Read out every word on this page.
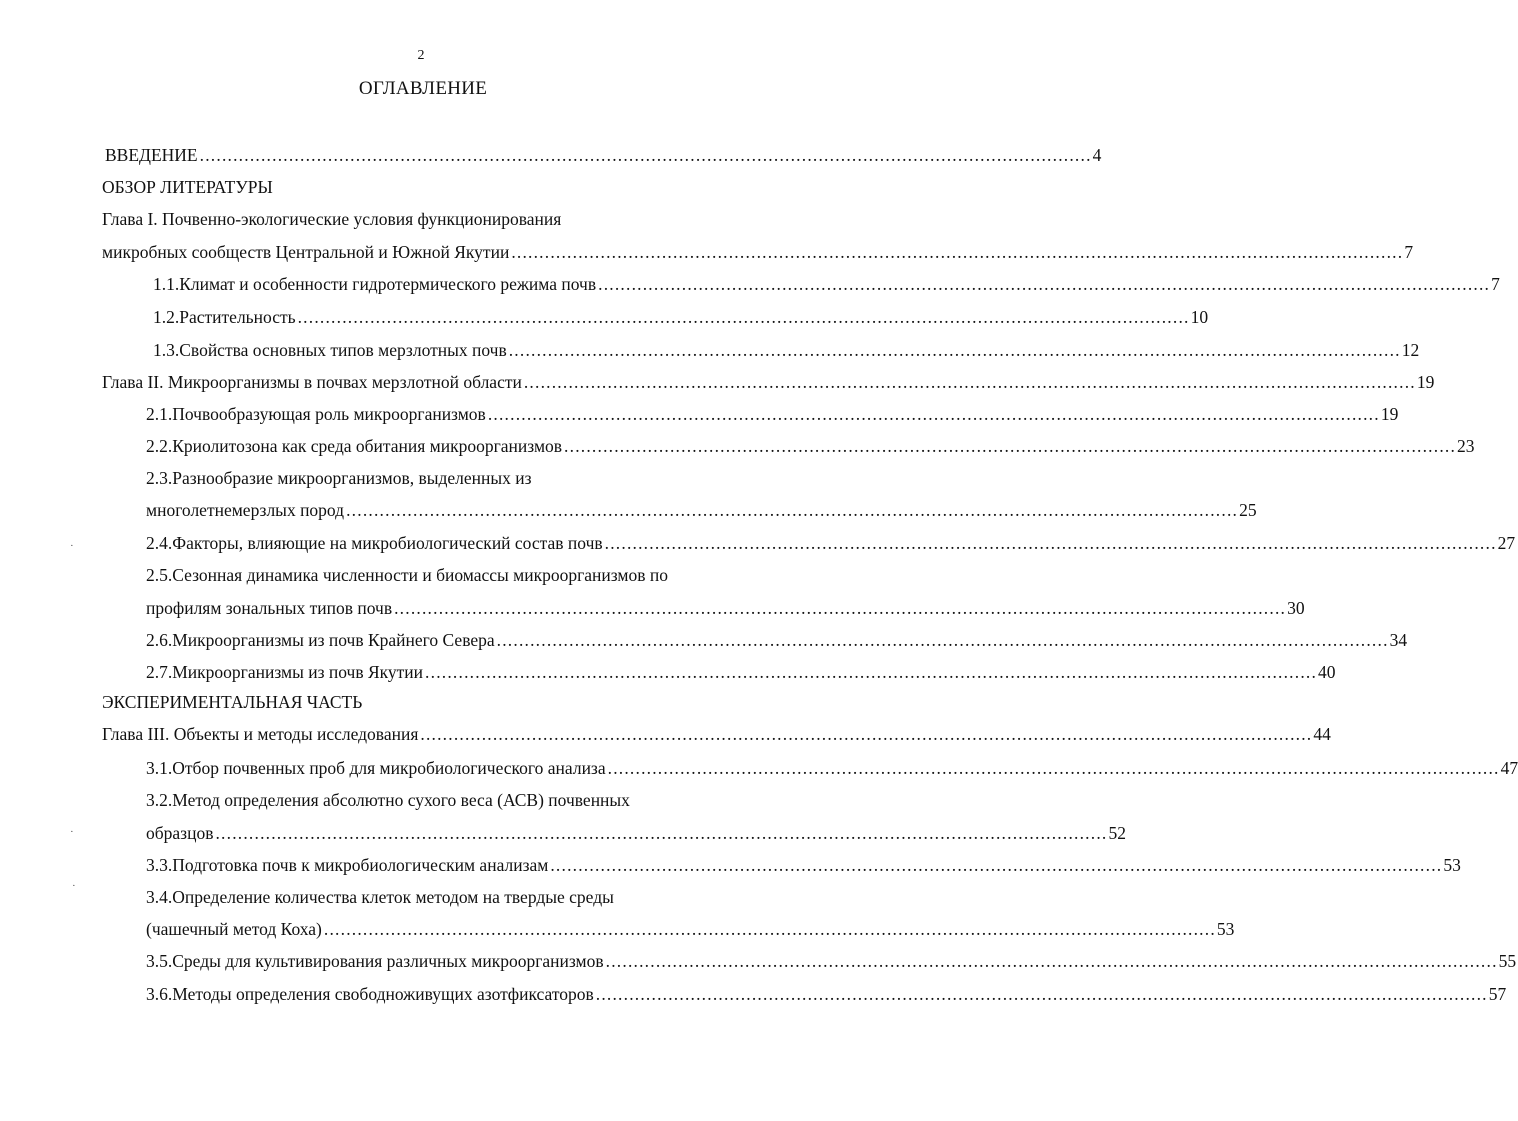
2
ОГЛАВЛЕНИЕ
ВВЕДЕНИЕ ................................................................................................................................................................ 4
ОБЗОР ЛИТЕРАТУРЫ
Глава I. Почвенно-экологические условия функционирования
микробных сообществ Центральной и Южной Якутии ................................................................................................................................................................ 7
1.1.Климат и особенности гидротермического режима почв ................................................................................................................................................................ 7
1.2.Растительность ................................................................................................................................................................ 10
1.3.Свойства основных типов мерзлотных почв ................................................................................................................................................................ 12
Глава II. Микроорганизмы в почвах мерзлотной области ................................................................................................................................................................ 19
2.1.Почвообразующая роль микроорганизмов ................................................................................................................................................................ 19
2.2.Криолитозона как среда обитания микроорганизмов ................................................................................................................................................................ 23
2.3.Разнообразие микроорганизмов, выделенных из
многолетнемерзлых пород ................................................................................................................................................................ 25
2.4.Факторы, влияющие на микробиологический состав почв ................................................................................................................................................................ 27
2.5.Сезонная динамика численности и биомассы микроорганизмов по
профилям зональных типов почв ................................................................................................................................................................ 30
2.6.Микроорганизмы из почв Крайнего Севера ................................................................................................................................................................ 34
2.7.Микроорганизмы из почв Якутии ................................................................................................................................................................ 40
ЭКСПЕРИМЕНТАЛЬНАЯ ЧАСТЬ
Глава III. Объекты и методы исследования ................................................................................................................................................................ 44
3.1.Отбор почвенных проб для микробиологического анализа ................................................................................................................................................................ 47
3.2.Метод определения абсолютно сухого веса (АСВ) почвенных
образцов ................................................................................................................................................................ 52
3.3.Подготовка почв к микробиологическим анализам ................................................................................................................................................................ 53
3.4.Определение количества клеток методом на твердые среды
(чашечный метод Коха) ................................................................................................................................................................ 53
3.5.Среды для культивирования различных микроорганизмов ................................................................................................................................................................ 55
3.6.Методы определения свободноживущих азотфиксаторов ................................................................................................................................................................ 57
·
·
·
